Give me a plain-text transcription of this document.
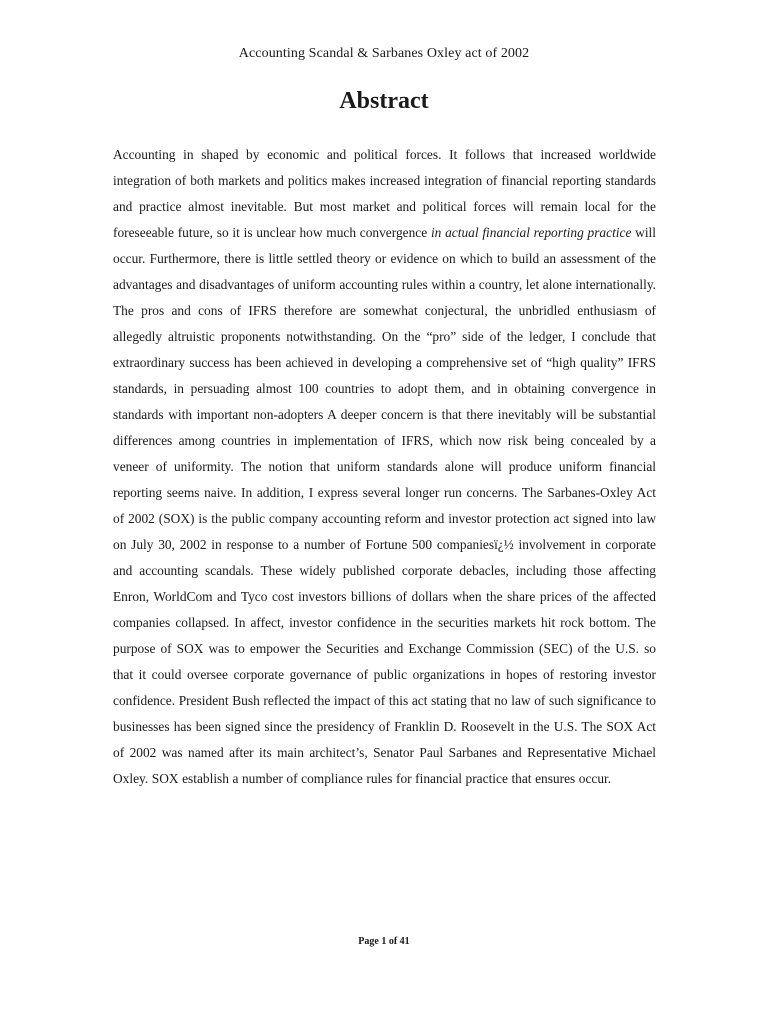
Accounting Scandal & Sarbanes Oxley act of 2002
Abstract

Accounting in shaped by economic and political forces. It follows that increased worldwide integration of both markets and politics makes increased integration of financial reporting standards and practice almost inevitable. But most market and political forces will remain local for the foreseeable future, so it is unclear how much convergence in actual financial reporting practice will occur. Furthermore, there is little settled theory or evidence on which to build an assessment of the advantages and disadvantages of uniform accounting rules within a country, let alone internationally. The pros and cons of IFRS therefore are somewhat conjectural, the unbridled enthusiasm of allegedly altruistic proponents notwithstanding. On the “pro” side of the ledger, I conclude that extraordinary success has been achieved in developing a comprehensive set of “high quality” IFRS standards, in persuading almost 100 countries to adopt them, and in obtaining convergence in standards with important non-adopters A deeper concern is that there inevitably will be substantial differences among countries in implementation of IFRS, which now risk being concealed by a veneer of uniformity. The notion that uniform standards alone will produce uniform financial reporting seems naive. In addition, I express several longer run concerns. The Sarbanes-Oxley Act of 2002 (SOX) is the public company accounting reform and investor protection act signed into law on July 30, 2002 in response to a number of Fortune 500 companiesï¿½ involvement in corporate and accounting scandals. These widely published corporate debacles, including those affecting Enron, WorldCom and Tyco cost investors billions of dollars when the share prices of the affected companies collapsed. In affect, investor confidence in the securities markets hit rock bottom. The purpose of SOX was to empower the Securities and Exchange Commission (SEC) of the U.S. so that it could oversee corporate governance of public organizations in hopes of restoring investor confidence. President Bush reflected the impact of this act stating that no law of such significance to businesses has been signed since the presidency of Franklin D. Roosevelt in the U.S. The SOX Act of 2002 was named after its main architect’s, Senator Paul Sarbanes and Representative Michael Oxley. SOX establish a number of compliance rules for financial practice that ensures occur.

Page 1 of 41
